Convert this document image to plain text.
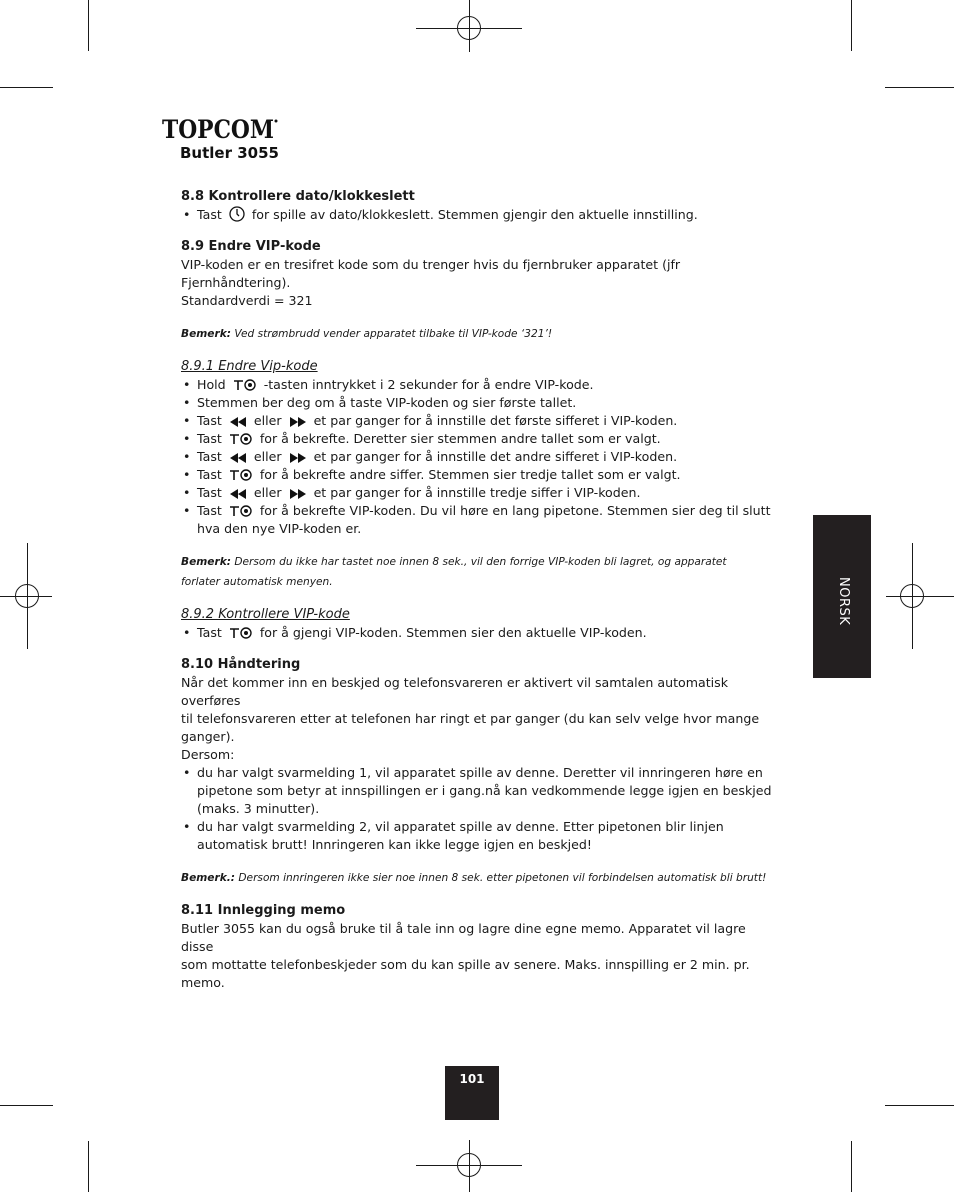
TOPCOM
Butler 3055
8.8 Kontrollere dato/klokkeslett
• Tast for spille av dato/klokkeslett. Stemmen gjengir den aktuelle innstilling.
8.9 Endre VIP-kode

VIP-koden er en tresifret kode som du trenger hvis du fjernbruker apparatet (jfr

Fjernhåndtering).

Standardverdi = 321

Bemerk: Ved strømbrudd vender apparatet tilbake til VIP-kode ‘321’!

8.9.1 Endre Vip-kode
• Hold	-tasten inntrykket i 2 sekunder for å endre VIP-kode.
• Stemmen ber deg om å taste VIP-koden og sier første tallet.
• Tast	eller	et par ganger for å innstille det første sifferet i VIP-koden.
• Tast	for å bekrefte. Deretter sier stemmen andre tallet som er valgt.
• Tast	eller	et par ganger for å innstille det andre sifferet i VIP-koden.
• Tast	for å bekrefte andre siffer. Stemmen sier tredje tallet som er valgt.
• Tast	eller	et par ganger for å innstille tredje siffer i VIP-koden.
• Tast	for å bekrefte VIP-koden. Du vil høre en lang pipetone. Stemmen sier deg til slutt
hva den nye VIP-koden er.

Bemerk: Dersom du ikke har tastet noe innen 8 sek., vil den forrige VIP-koden bli lagret, og apparatet
forlater automatisk menyen.

8.9.2 Kontrollere VIP-kode
• Tast	for å gjengi VIP-koden. Stemmen sier den aktuelle VIP-koden.
8.10 Håndtering

Når det kommer inn en beskjed og telefonsvareren er aktivert vil samtalen automatisk overføres

til telefonsvareren etter at telefonen har ringt et par ganger (du kan selv velge hvor mange

ganger).

Dersom:

• du har valgt svarmelding 1, vil apparatet spille av denne. Deretter vil innringeren høre en
pipetone som betyr at innspillingen er i gang.nå kan vedkommende legge igjen en beskjed
(maks. 3 minutter).
• du har valgt svarmelding 2, vil apparatet spille av denne. Etter pipetonen blir linjen
automatisk brutt! Innringeren kan ikke legge igjen en beskjed!

Bemerk.: Dersom innringeren ikke sier noe innen 8 sek. etter pipetonen vil forbindelsen automatisk bli brutt!

8.11 Innlegging memo

Butler 3055 kan du også bruke til å tale inn og lagre dine egne memo. Apparatet vil lagre disse

som mottatte telefonbeskjeder som du kan spille av senere. Maks. innspilling er 2 min. pr.

memo.

NORSK
101
